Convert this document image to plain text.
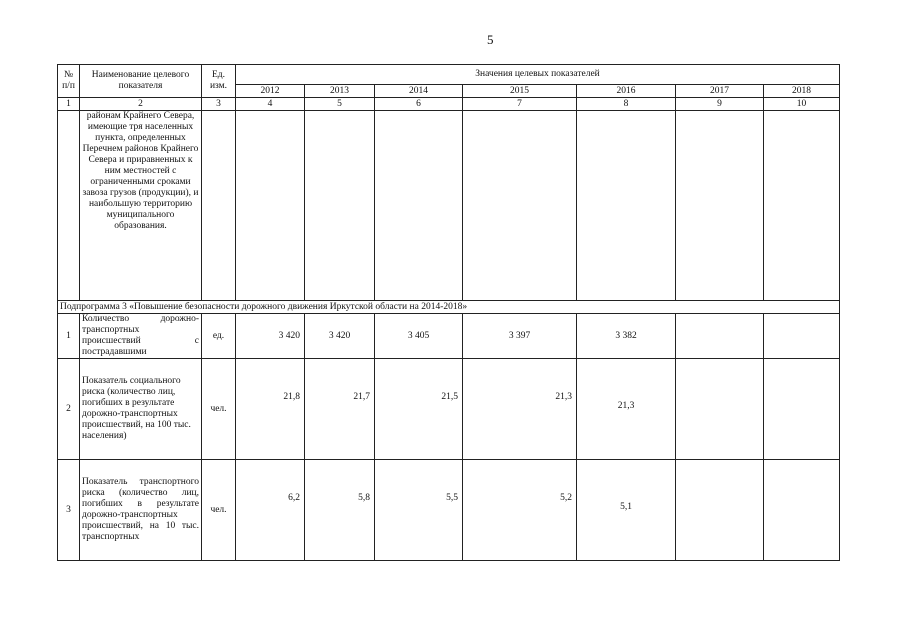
5
№ п/п	Наименование целевого показателя	Ед. изм.	Значения целевых показателей						
			2012	2013	2014	2015	2016	2017	2018
1	2	3	4	5	6	7	8	9	10
	районам Крайнего Севера, имеющие тря населенных пункта, определенных Перечнем районов Крайнего Севера и приравненных к ним местностей с ограниченными сроками завоза грузов (продукции), и наибольшую территорию муниципального образования.								
Подпрограмма 3 «Повышение безопасности дорожного движения Иркутской области на 2014-2018»									
1	Количество дорожно-транспортных происшествий с пострадавшими	ед.	3 420	3 420	3 405	3 397	3 382		
2	Показатель социального риска (количество лиц, погибших в результате дорожно-транспортных происшествий, на 100 тыс. населения)	чел.	21,8	21,7	21,5	21,3	21,3		
3	Показатель транспортного риска (количество лиц, погибших в результате дорожно-транспортных происшествий, на 10 тыс. транспортных	чел.	6,2	5,8	5,5	5,2	5,1		
